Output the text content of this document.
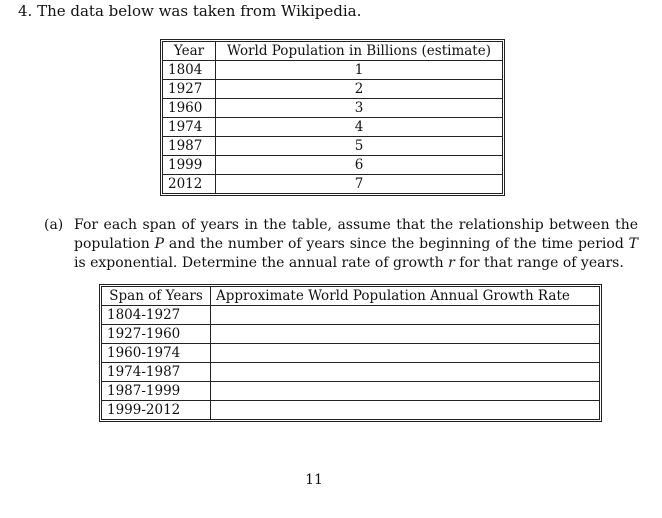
4. The data below was taken from Wikipedia.
Year	World Population in Billions (estimate)
1804	1
1927	2
1960	3
1974	4
1987	5
1999	6
2012	7
(a) For each span of years in the table, assume that the relationship between the population P and the number of years since the beginning of the time period T is exponential. Determine the annual rate of growth r for that range of years.
Span of Years	Approximate World Population Annual Growth Rate
1804-1927	
1927-1960	
1960-1974	
1974-1987	
1987-1999	
1999-2012	
11
